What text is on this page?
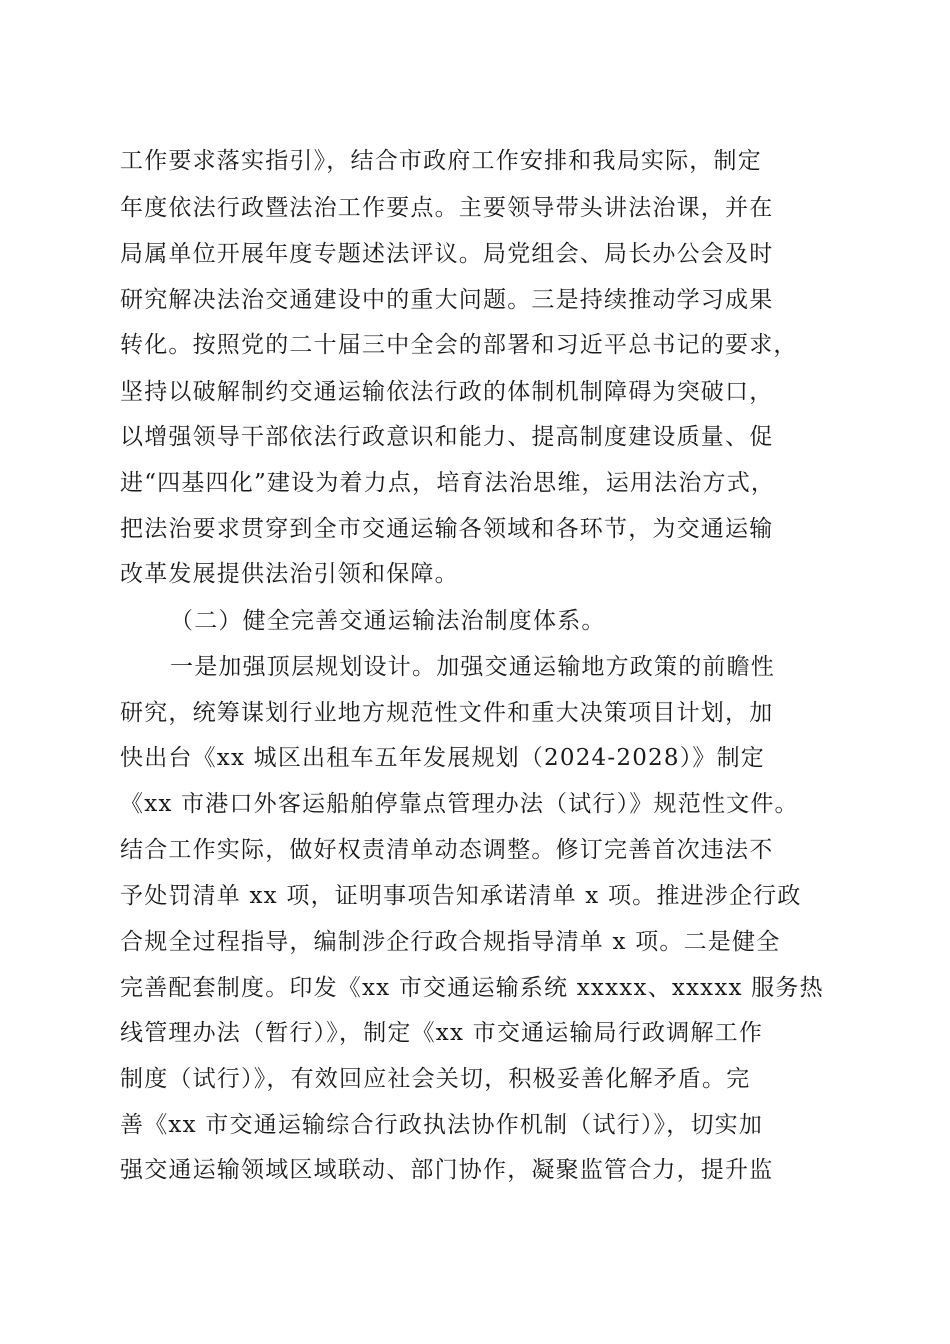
工作要求落实指引》，结合市政府工作安排和我局实际，制定
年度依法行政暨法治工作要点。主要领导带头讲法治课，并在
局属单位开展年度专题述法评议。局党组会、局长办公会及时
研究解决法治交通建设中的重大问题。三是持续推动学习成果
转化。按照党的二十届三中全会的部署和习近平总书记的要求，
坚持以破解制约交通运输依法行政的体制机制障碍为突破口，
以增强领导干部依法行政意识和能力、提高制度建设质量、促
进“四基四化”建设为着力点，培育法治思维，运用法治方式，
把法治要求贯穿到全市交通运输各领域和各环节，为交通运输
改革发展提供法治引领和保障。
（二）健全完善交通运输法治制度体系。
一是加强顶层规划设计。加强交通运输地方政策的前瞻性
研究，统筹谋划行业地方规范性文件和重大决策项目计划，加
快出台《xx 城区出租车五年发展规划（2024-2028）》制定
《xx 市港口外客运船舶停靠点管理办法（试行）》规范性文件。
结合工作实际，做好权责清单动态调整。修订完善首次违法不
予处罚清单 xx 项，证明事项告知承诺清单 x 项。推进涉企行政
合规全过程指导，编制涉企行政合规指导清单 x 项。二是健全
完善配套制度。印发《xx 市交通运输系统 xxxxx、xxxxx 服务热
线管理办法（暂行）》，制定《xx 市交通运输局行政调解工作
制度（试行）》，有效回应社会关切，积极妥善化解矛盾。完
善《xx 市交通运输综合行政执法协作机制（试行）》，切实加
强交通运输领域区域联动、部门协作，凝聚监管合力，提升监
